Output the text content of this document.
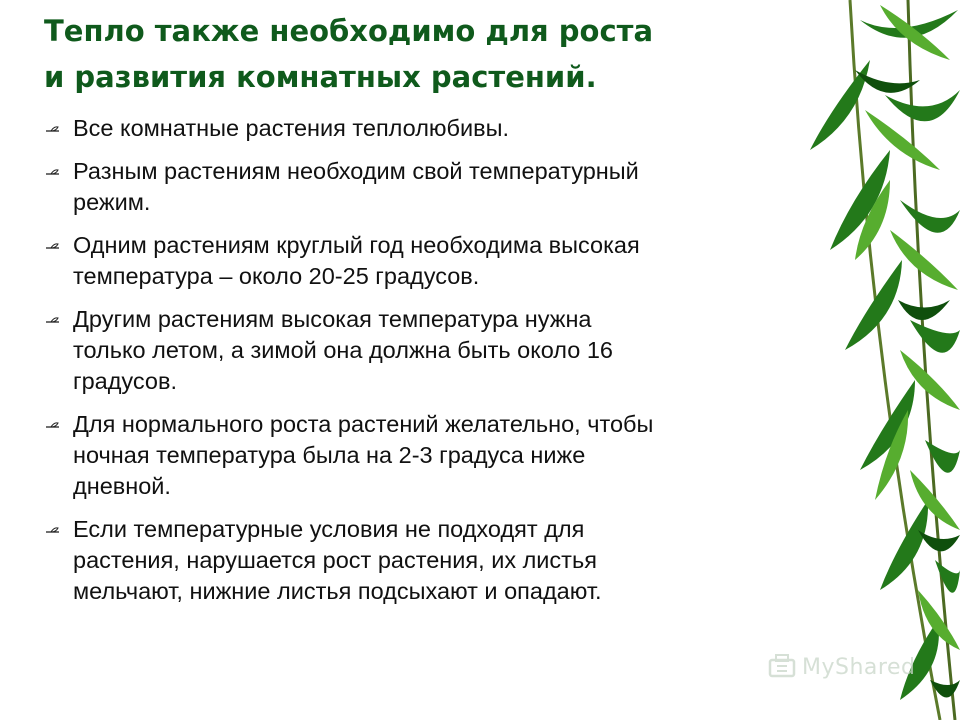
Тепло также необходимо для роста
и развития комнатных растений.
Все комнатные растения теплолюбивы.
Разным растениям необходим свой температурный
режим.
Одним растениям круглый год необходима высокая
температура – около 20-25 градусов.
Другим растениям высокая температура нужна
только летом, а зимой она должна быть около 16
градусов.
Для нормального роста растений желательно, чтобы
ночная температура была на 2-3 градуса ниже
дневной.
Если температурные условия не подходят для
растения, нарушается рост растения, их листья
мельчают, нижние листья подсыхают и опадают.
MyShared
